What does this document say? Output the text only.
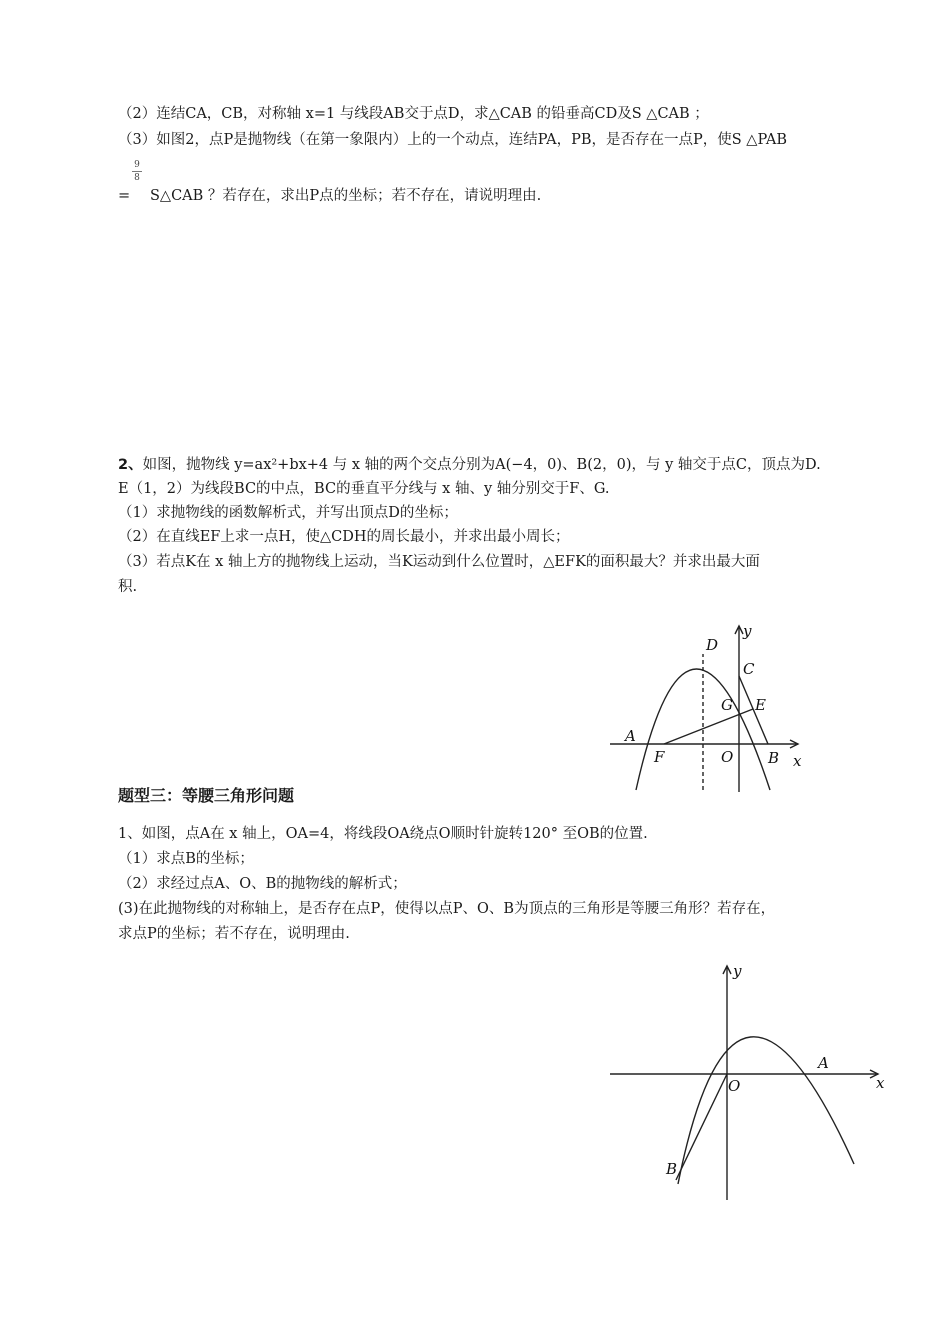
（2）连结CA，CB，对称轴 x=1 与线段AB交于点D，求△CAB 的铅垂高CD及S △CAB ；
（3）如图2，点P是抛物线（在第一象限内）上的一个动点，连结PA，PB，是否存在一点P，使S △PAB
=
9
8
S△CAB ？若存在，求出P点的坐标；若不存在，请说明理由.
2、如图，抛物线 y=ax²+bx+4 与 x 轴的两个交点分别为A(−4，0)、B(2，0)，与 y 轴交于点C，顶点为D.
E（1，2）为线段BC的中点，BC的垂直平分线与 x 轴、y 轴分别交于F、G.
（1）求抛物线的函数解析式，并写出顶点D的坐标；
（2）在直线EF上求一点H，使△CDH的周长最小，并求出最小周长；
（3）若点K在 x 轴上方的抛物线上运动，当K运动到什么位置时，△EFK的面积最大？并求出最大面
积.
A
B
C
D
E
F
G
O	x
y
题型三：等腰三角形问题
1、如图，点A在 x 轴上，OA=4，将线段OA绕点O顺时针旋转120° 至OB的位置.
（1）求点B的坐标；
（2）求经过点A、O、B的抛物线的解析式；
(3)在此抛物线的对称轴上，是否存在点P，使得以点P、O、B为顶点的三角形是等腰三角形？若存在，
求点P的坐标；若不存在，说明理由.
A
B
O	x
y
